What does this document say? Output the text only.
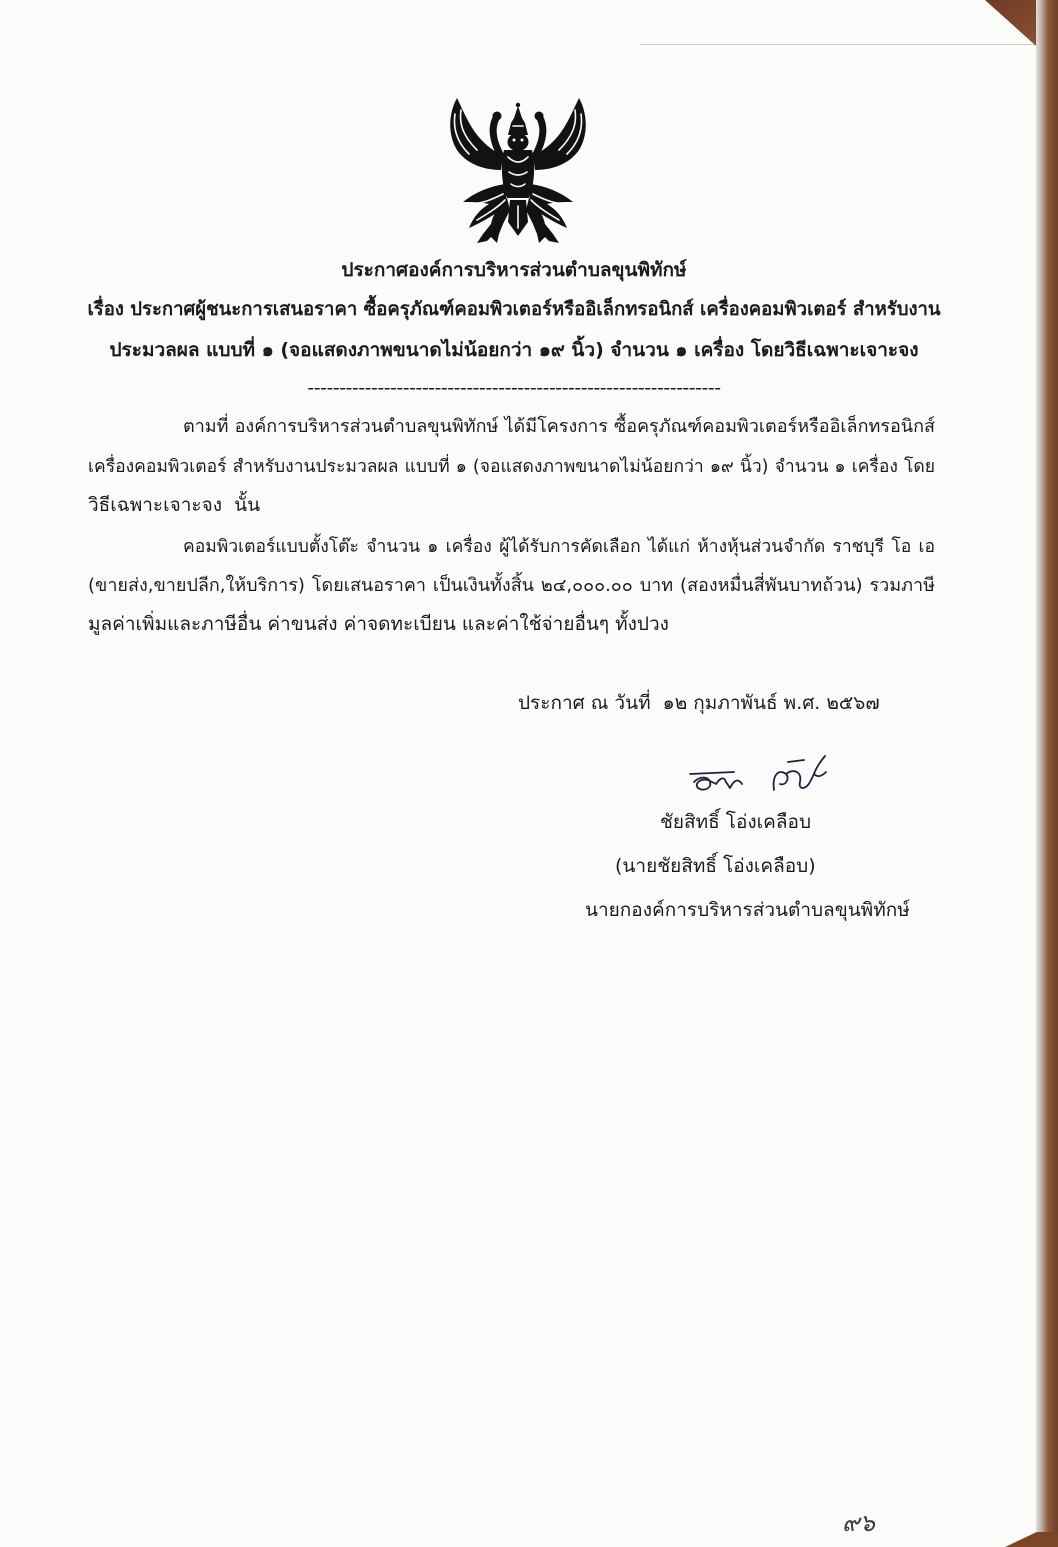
ประกาศองค์การบริหารส่วนตำบลขุนพิทักษ์
เรื่อง ประกาศผู้ชนะการเสนอราคา ซื้อครุภัณฑ์คอมพิวเตอร์หรืออิเล็กทรอนิกส์ เครื่องคอมพิวเตอร์ สำหรับงาน
ประมวลผล แบบที่ ๑ (จอแสดงภาพขนาดไม่น้อยกว่า ๑๙ นิ้ว) จำนวน ๑ เครื่อง โดยวิธีเฉพาะเจาะจง
-----------------------------------------------------------------
ตามที่ องค์การบริหารส่วนตำบลขุนพิทักษ์ ได้มีโครงการ ซื้อครุภัณฑ์คอมพิวเตอร์หรืออิเล็กทรอนิกส์
เครื่องคอมพิวเตอร์ สำหรับงานประมวลผล แบบที่ ๑ (จอแสดงภาพขนาดไม่น้อยกว่า ๑๙ นิ้ว) จำนวน ๑ เครื่อง โดย
วิธีเฉพาะเจาะจง  นั้น
คอมพิวเตอร์แบบตั้งโต๊ะ จำนวน ๑ เครื่อง ผู้ได้รับการคัดเลือก ได้แก่ ห้างหุ้นส่วนจำกัด ราชบุรี โอ เอ
(ขายส่ง,ขายปลีก,ให้บริการ) โดยเสนอราคา เป็นเงินทั้งสิ้น ๒๔,๐๐๐.๐๐ บาท (สองหมื่นสี่พันบาทถ้วน) รวมภาษี
มูลค่าเพิ่มและภาษีอื่น ค่าขนส่ง ค่าจดทะเบียน และค่าใช้จ่ายอื่นๆ ทั้งปวง
ประกาศ ณ วันที่  ๑๒ กุมภาพันธ์ พ.ศ. ๒๕๖๗
ชัยสิทธิ์ โอ่งเคลือบ
(นายชัยสิทธิ์ โอ่งเคลือบ)
นายกองค์การบริหารส่วนตำบลขุนพิทักษ์
๙๖
